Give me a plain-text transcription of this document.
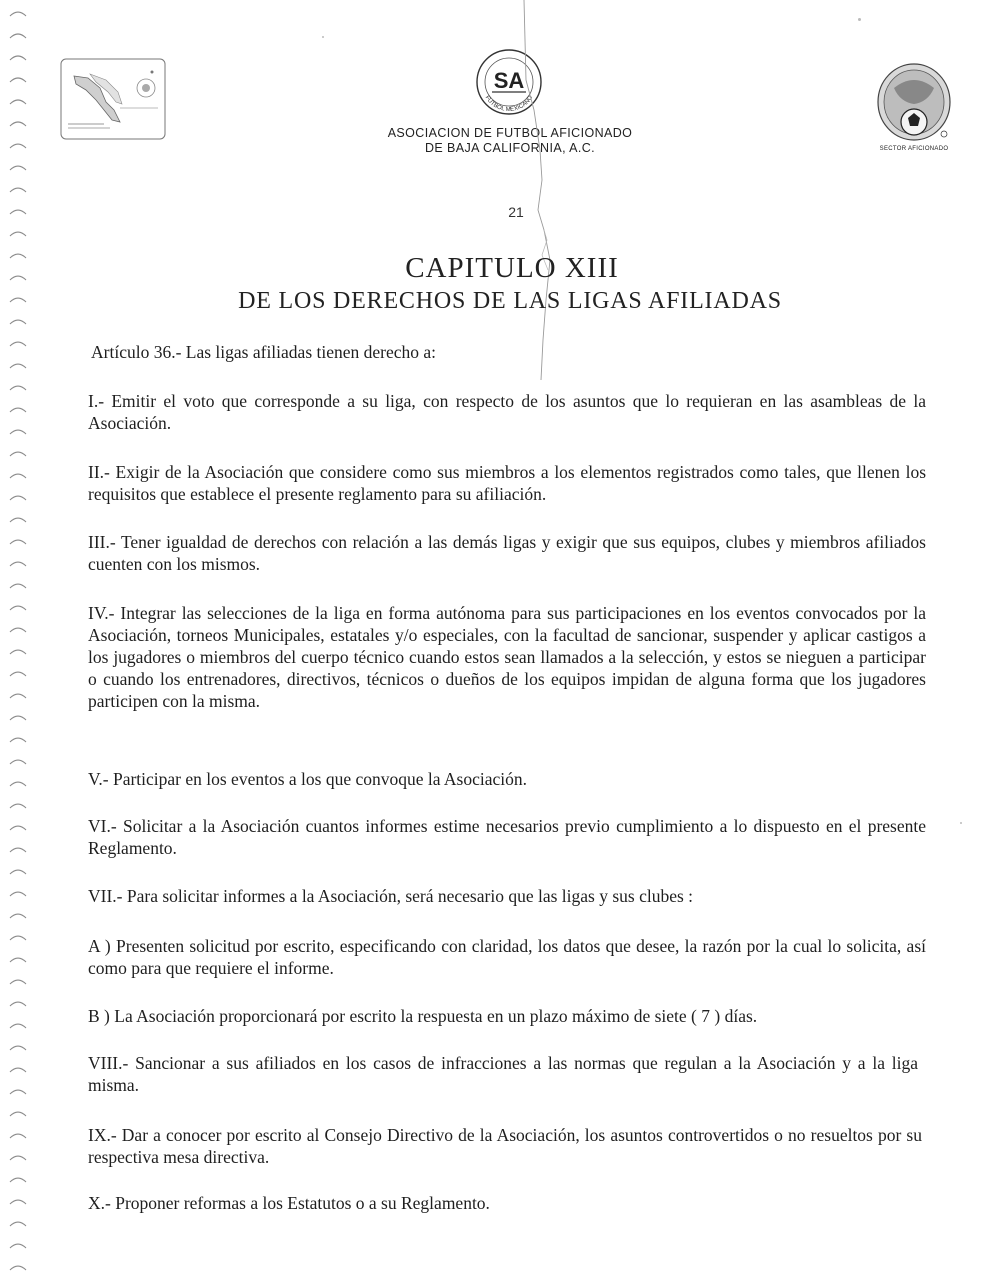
SA
FUTBOL MEXICANO
ASOCIACION DE FUTBOL AFICIONADO
DE BAJA CALIFORNIA, A.C.	SECTOR AFICIONADO
21
CAPITULO XIII
DE LOS DERECHOS DE LAS LIGAS AFILIADAS
Artículo 36.- Las ligas afiliadas tienen derecho a:
I.- Emitir el voto que corresponde a su liga, con respecto de los asuntos que lo requieran en las asambleas de la Asociación.
II.- Exigir de la Asociación que considere como sus miembros a los elementos registrados como tales, que llenen los requisitos que establece el presente reglamento para su afiliación.
III.- Tener igualdad de derechos con relación a las demás ligas y exigir que sus equipos, clubes y miembros afiliados cuenten con los mismos.
IV.- Integrar las selecciones de la liga en forma autónoma para sus participaciones en los eventos convocados por la Asociación, torneos Municipales, estatales y/o especiales, con la facultad de sancionar, suspender y aplicar castigos a los jugadores o miembros del cuerpo técnico cuando estos sean llamados a la selección, y estos se nieguen a participar o cuando los entrenadores, directivos, técnicos o dueños de los equipos impidan de alguna forma que los jugadores participen con la misma.
V.- Participar en los eventos a los que convoque la Asociación.
VI.- Solicitar a la Asociación cuantos informes estime necesarios previo cumplimiento a lo dispuesto en el presente Reglamento.
VII.- Para solicitar informes a la Asociación, será necesario que las ligas y sus clubes :
A ) Presenten solicitud por escrito, especificando con claridad, los datos que desee, la razón por la cual lo solicita, así como para que requiere el informe.
B ) La Asociación proporcionará por escrito la respuesta en un plazo máximo de siete ( 7 ) días.
VIII.- Sancionar a sus afiliados en los casos de infracciones a las normas que regulan a la Asociación y a la liga misma.
IX.- Dar a conocer por escrito al Consejo Directivo de la Asociación, los asuntos controvertidos o no resueltos por su respectiva mesa directiva.
X.- Proponer reformas a los Estatutos o a su Reglamento.
